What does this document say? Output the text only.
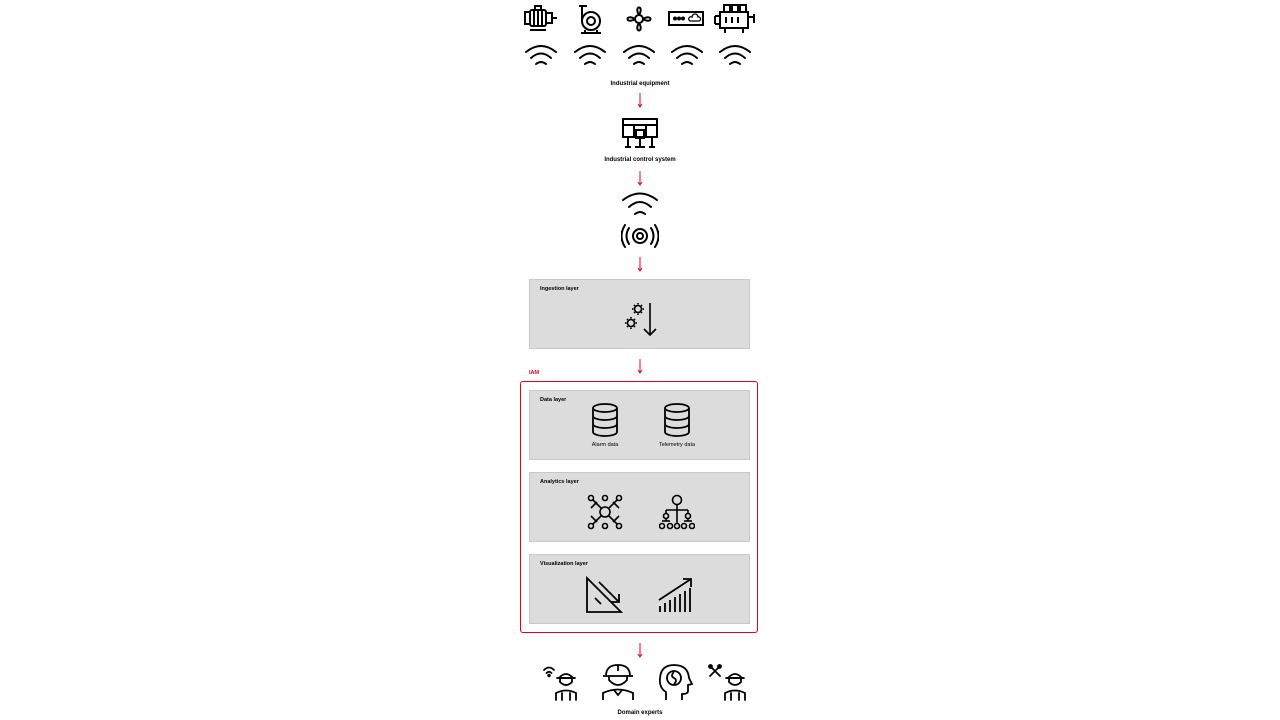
Industrial equipment
Industrial control system
Ingestion layer
IAM
Data layer
Alarm data	Telemetry data
Analytics layer
Visualization layer
Domain experts
